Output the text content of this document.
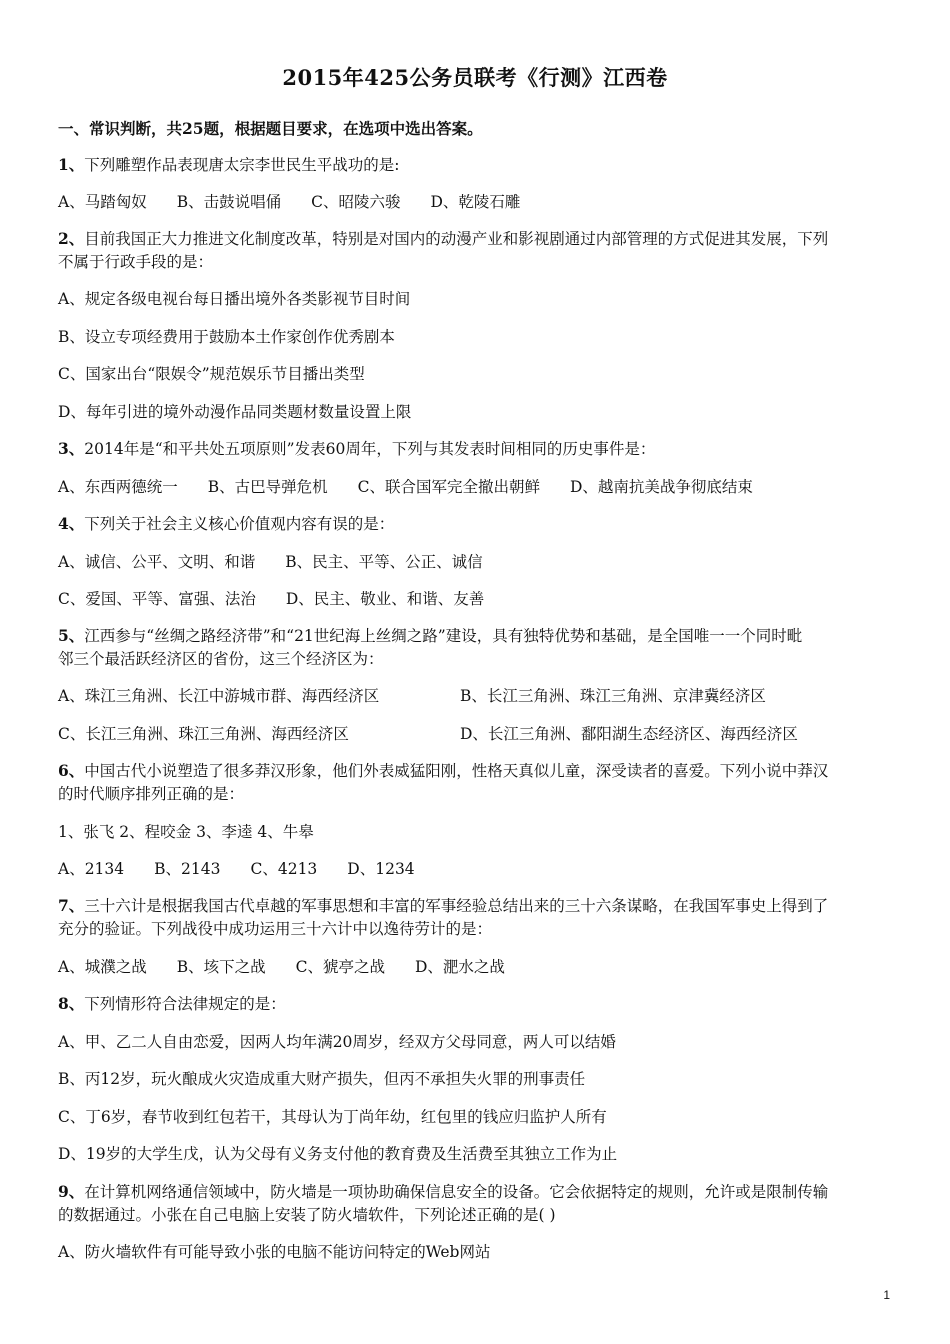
2015年425公务员联考《行测》江西卷
一、常识判断，共25题，根据题目要求，在选项中选出答案。
1、下列雕塑作品表现唐太宗李世民生平战功的是:
A、马踏匈奴 B、击鼓说唱俑 C、昭陵六骏 D、乾陵石雕
2、目前我国正大力推进文化制度改革，特别是对国内的动漫产业和影视剧通过内部管理的方式促进其发展，下列
不属于行政手段的是：
A、规定各级电视台每日播出境外各类影视节目时间
B、设立专项经费用于鼓励本土作家创作优秀剧本
C、国家出台“限娱令”规范娱乐节目播出类型
D、每年引进的境外动漫作品同类题材数量设置上限
3、2014年是“和平共处五项原则”发表60周年，下列与其发表时间相同的历史事件是：
A、东西两德统一 B、古巴导弹危机 C、联合国军完全撤出朝鲜 D、越南抗美战争彻底结束
4、下列关于社会主义核心价值观内容有误的是：
A、诚信、公平、文明、和谐 B、民主、平等、公正、诚信
C、爱国、平等、富强、法治 D、民主、敬业、和谐、友善
5、江西参与“丝绸之路经济带”和“21世纪海上丝绸之路”建设，具有独特优势和基础，是全国唯一一个同时毗
邻三个最活跃经济区的省份，这三个经济区为：
A、珠江三角洲、长江中游城市群、海西经济区	B、长江三角洲、珠江三角洲、京津冀经济区
C、长江三角洲、珠江三角洲、海西经济区	D、长江三角洲、鄱阳湖生态经济区、海西经济区
6、中国古代小说塑造了很多莽汉形象，他们外表威猛阳刚，性格天真似儿童，深受读者的喜爱。下列小说中莽汉
的时代顺序排列正确的是：
1、张飞 2、程咬金 3、李逵 4、牛皋
A、2134 B、2143 C、4213 D、1234
7、三十六计是根据我国古代卓越的军事思想和丰富的军事经验总结出来的三十六条谋略，在我国军事史上得到了
充分的验证。下列战役中成功运用三十六计中以逸待劳计的是：
A、城濮之战 B、垓下之战 C、猇亭之战 D、淝水之战
8、下列情形符合法律规定的是：
A、甲、乙二人自由恋爱，因两人均年满20周岁，经双方父母同意，两人可以结婚
B、丙12岁，玩火酿成火灾造成重大财产损失，但丙不承担失火罪的刑事责任
C、丁6岁，春节收到红包若干，其母认为丁尚年幼，红包里的钱应归监护人所有
D、19岁的大学生戊，认为父母有义务支付他的教育费及生活费至其独立工作为止
9、在计算机网络通信领域中，防火墙是一项协助确保信息安全的设备。它会依据特定的规则，允许或是限制传输
的数据通过。小张在自己电脑上安装了防火墙软件，下列论述正确的是( )
A、防火墙软件有可能导致小张的电脑不能访问特定的Web网站
1
